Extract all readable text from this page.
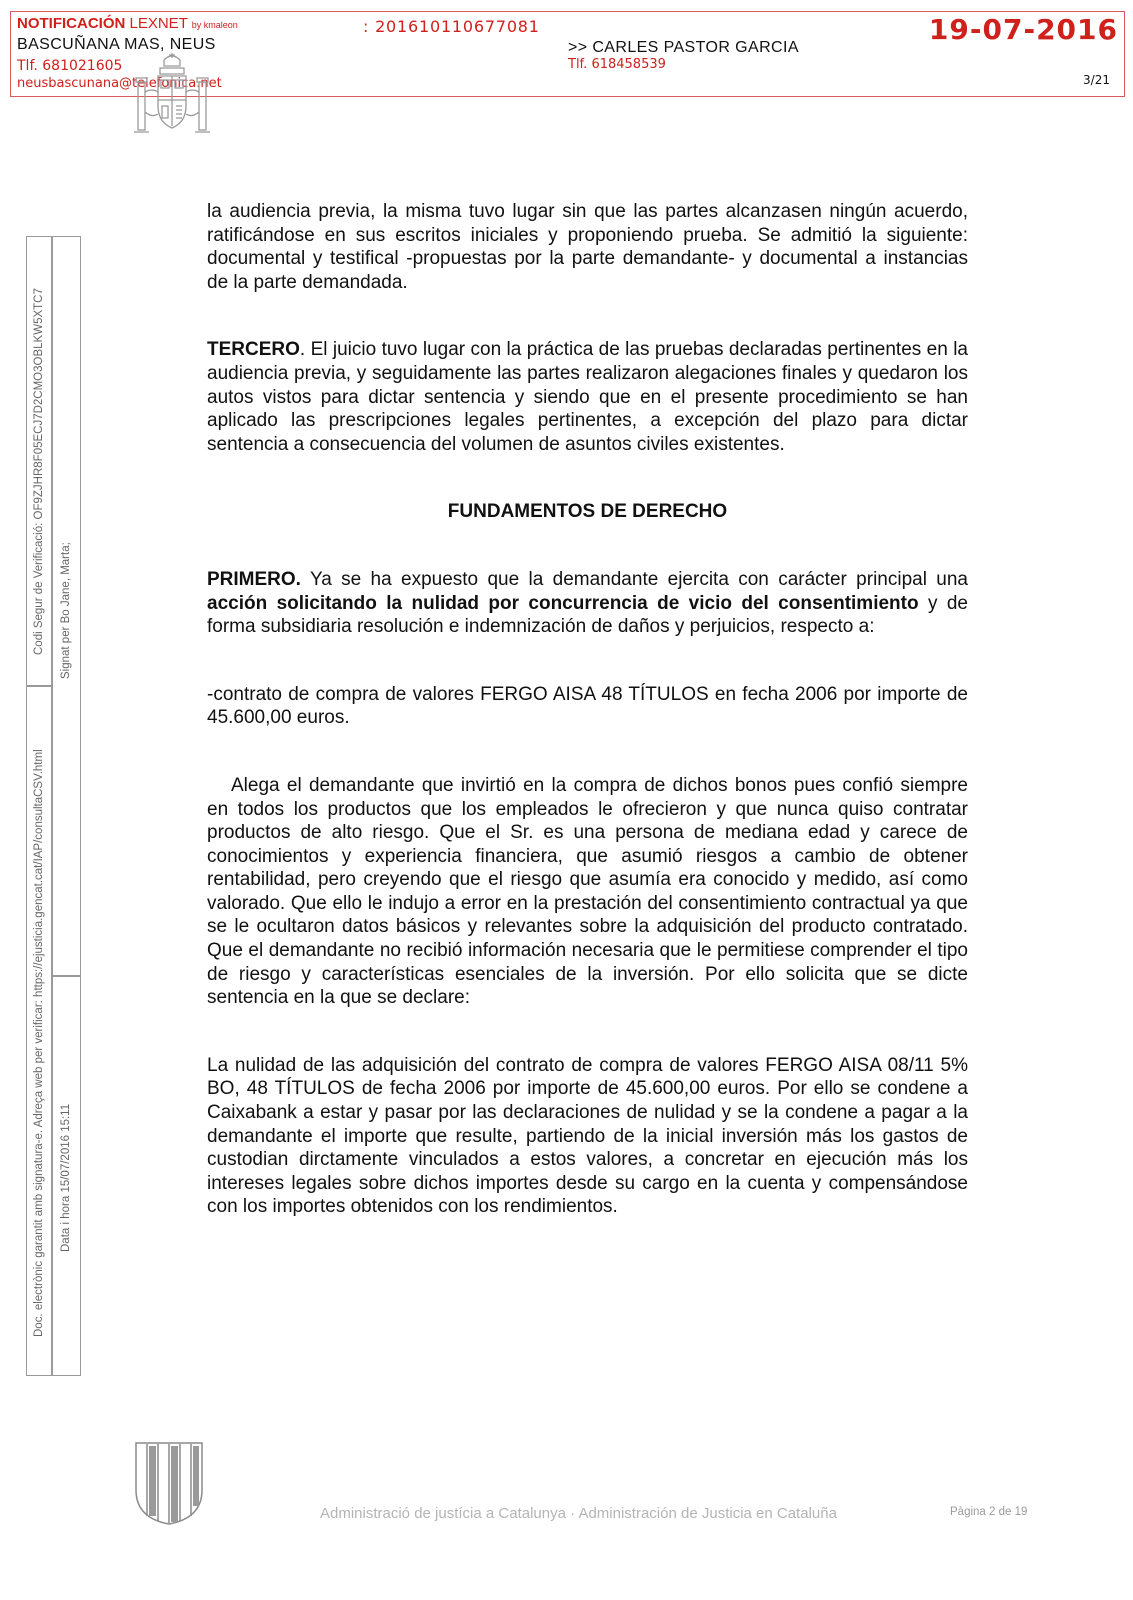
NOTIFICACIÓN LEXNET by kmaleon
BASCUÑANA MAS, NEUS
Tlf. 681021605
neusbascunana@telefonica.net
: 201610110677081
>> CARLES PASTOR GARCIA
Tlf. 618458539
19-07-2016
3/21
Codi Segur de Verificació: OF9ZJHR8F05ECJ7D2CMO3OBLKW5XTC7
Doc. electrònic garantit amb signatura-e. Adreça web per verificar: https://ejusticia.gencat.cat/IAP/consultaCSV.html
Signat per Bo Jane, Marta;
Data i hora 15/07/2016 15:11

la audiencia previa, la misma tuvo lugar sin que las partes alcanzasen ningún acuerdo, ratificándose en sus escritos iniciales y proponiendo prueba. Se admitió la siguiente: documental y testifical -propuestas por la parte demandante- y documental a instancias de la parte demandada.

TERCERO. El juicio tuvo lugar con la práctica de las pruebas declaradas pertinentes en la audiencia previa, y seguidamente las partes realizaron alegaciones finales y quedaron los autos vistos para dictar sentencia y siendo que en el presente procedimiento se han aplicado las prescripciones legales pertinentes, a excepción del plazo para dictar sentencia a consecuencia del volumen de asuntos civiles existentes.

FUNDAMENTOS DE DERECHO

PRIMERO. Ya se ha expuesto que la demandante ejercita con carácter principal una acción solicitando la nulidad por concurrencia de vicio del consentimiento y de forma subsidiaria resolución e indemnización de daños y perjuicios, respecto a:

-contrato de compra de valores FERGO AISA 48 TÍTULOS en fecha 2006 por importe de 45.600,00 euros.

Alega el demandante que invirtió en la compra de dichos bonos pues confió siempre en todos los productos que los empleados le ofrecieron y que nunca quiso contratar productos de alto riesgo. Que el Sr. es una persona de mediana edad y carece de conocimientos y experiencia financiera, que asumió riesgos a cambio de obtener rentabilidad, pero creyendo que el riesgo que asumía era conocido y medido, así como valorado. Que ello le indujo a error en la prestación del consentimiento contractual ya que se le ocultaron datos básicos y relevantes sobre la adquisición del producto contratado. Que el demandante no recibió información necesaria que le permitiese comprender el tipo de riesgo y características esenciales de la inversión. Por ello solicita que se dicte sentencia en la que se declare:

La nulidad de las adquisición del contrato de compra de valores FERGO AISA 08/11 5% BO, 48 TÍTULOS de fecha 2006 por importe de 45.600,00 euros. Por ello se condene a Caixabank a estar y pasar por las declaraciones de nulidad y se la condene a pagar a la demandante el importe que resulte, partiendo de la inicial inversión más los gastos de custodian dirctamente vinculados a estos valores, a concretar en ejecución más los intereses legales sobre dichos importes desde su cargo en la cuenta y compensándose con los importes obtenidos con los rendimientos.

Administració de justícia a Catalunya · Administración de Justicia en Cataluña	Pàgina 2 de 19
